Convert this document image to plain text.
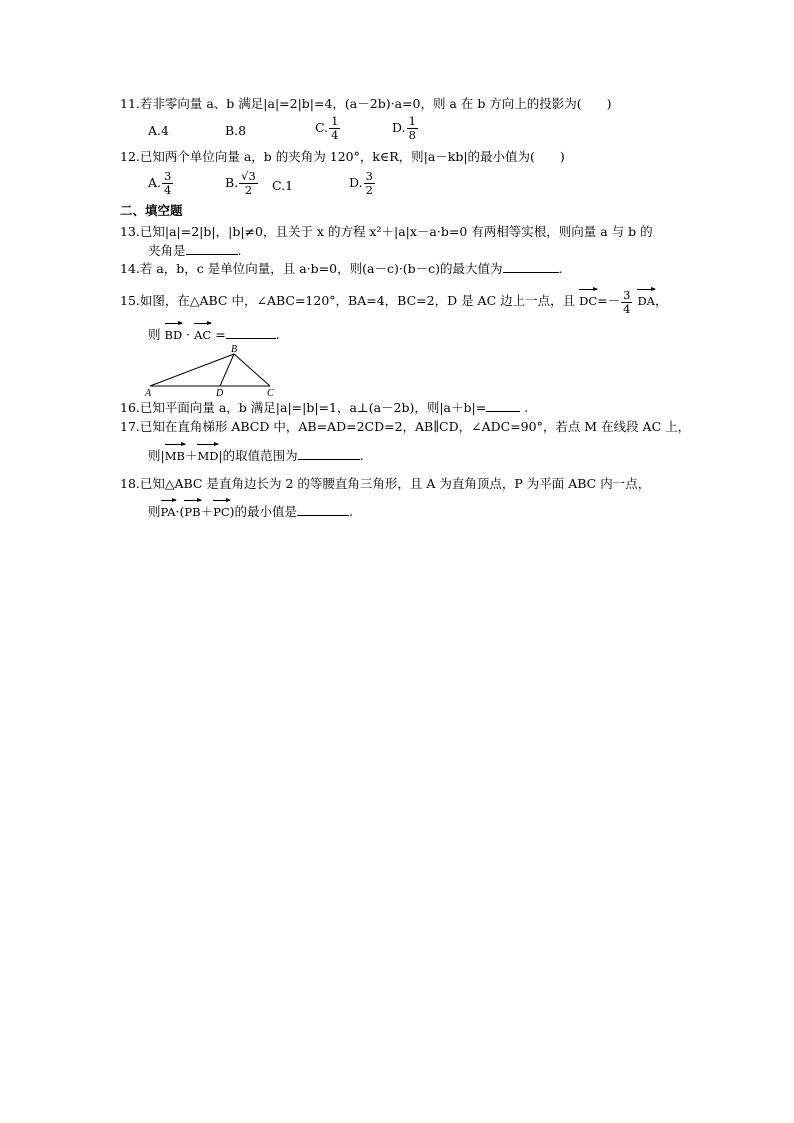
11.若非零向量 a、b 满足|a|=2|b|=4，(a－2b)·a=0，则 a 在 b 方向上的投影为(　　)
A.4	B.8	C. $\frac{1}{4}$	D. $\frac{1}{8}$
12.已知两个单位向量 a，b 的夹角为 120°，k∈R，则|a－kb|的最小值为(　　)
A. $\frac{3}{4}$	B. $\frac{√3}{2} C.1$	D. $\frac{3}{2}$
二、填空题
13.已知|a|=2|b|，|b|≠0，且关于 x 的方程 x²＋|a|x－a·b=0 有两相等实根，则向量 a 与 b 的
夹角是	.
14.若 a，b，c 是单位向量，且 a·b=0，则(a－c)·(b－c)的最大值为	.
15.如图，在△ABC 中，∠ABC=120°，BA=4，BC=2，D 是 AC 边上一点，且 $DC=- \frac{3}{4}$ DA，
则 BD · AC =	.
A
B
C
D
16.已知平面向量 a，b 满足|a|=|b|=1，a⊥(a－2b)，则|a＋b|=	.
17.已知在直角梯形 ABCD 中，AB=AD=2CD=2，AB∥CD，∠ADC=90°，若点 M 在线段 AC 上，
则|MB＋MD|的取值范围为	.
18.已知△ABC 是直角边长为 2 的等腰直角三角形，且 A 为直角顶点，P 为平面 ABC 内一点，
则PA·(PB＋PC)的最小值是	.
